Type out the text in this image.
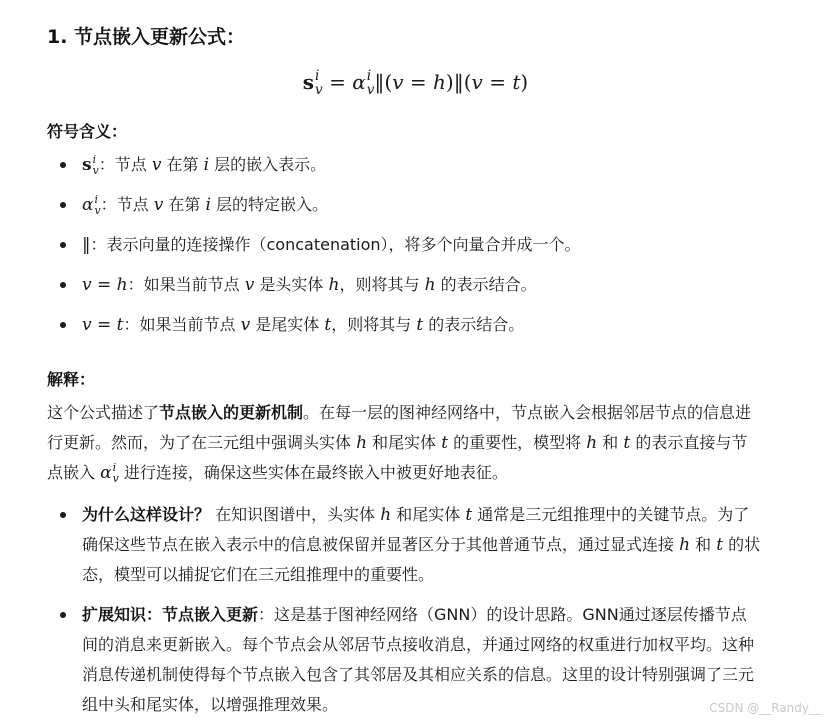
1. 节点嵌入更新公式：
s i
v = α i
v ‖(v = h)‖(v = t)
符号含义：
s i
v ：节点 v 在第 i 层的嵌入表示。
α i
v ：节点 v 在第 i 层的特定嵌入。
‖：表示向量的连接操作（concatenation），将多个向量合并成一个。
v = h：如果当前节点 v 是头实体 h，则将其与 h 的表示结合。
v = t：如果当前节点 v 是尾实体 t，则将其与 t 的表示结合。
解释：
这个公式描述了节点嵌入的更新机制。在每一层的图神经网络中，节点嵌入会根据邻居节点的信息进
行更新。然而，为了在三元组中强调头实体 h 和尾实体 t 的重要性，模型将 h 和 t 的表示直接与节
点嵌入 α i
v 进行连接，确保这些实体在最终嵌入中被更好地表征。
为什么这样设计？ 在知识图谱中，头实体 h 和尾实体 t 通常是三元组推理中的关键节点。为了
确保这些节点在嵌入表示中的信息被保留并显著区分于其他普通节点，通过显式连接 h 和 t 的状
态，模型可以捕捉它们在三元组推理中的重要性。
扩展知识：节点嵌入更新：这是基于图神经网络（GNN）的设计思路。GNN通过逐层传播节点
间的消息来更新嵌入。每个节点会从邻居节点接收消息，并通过网络的权重进行加权平均。这种
消息传递机制使得每个节点嵌入包含了其邻居及其相应关系的信息。这里的设计特别强调了三元
组中头和尾实体，以增强推理效果。	CSDN @__Randy__
